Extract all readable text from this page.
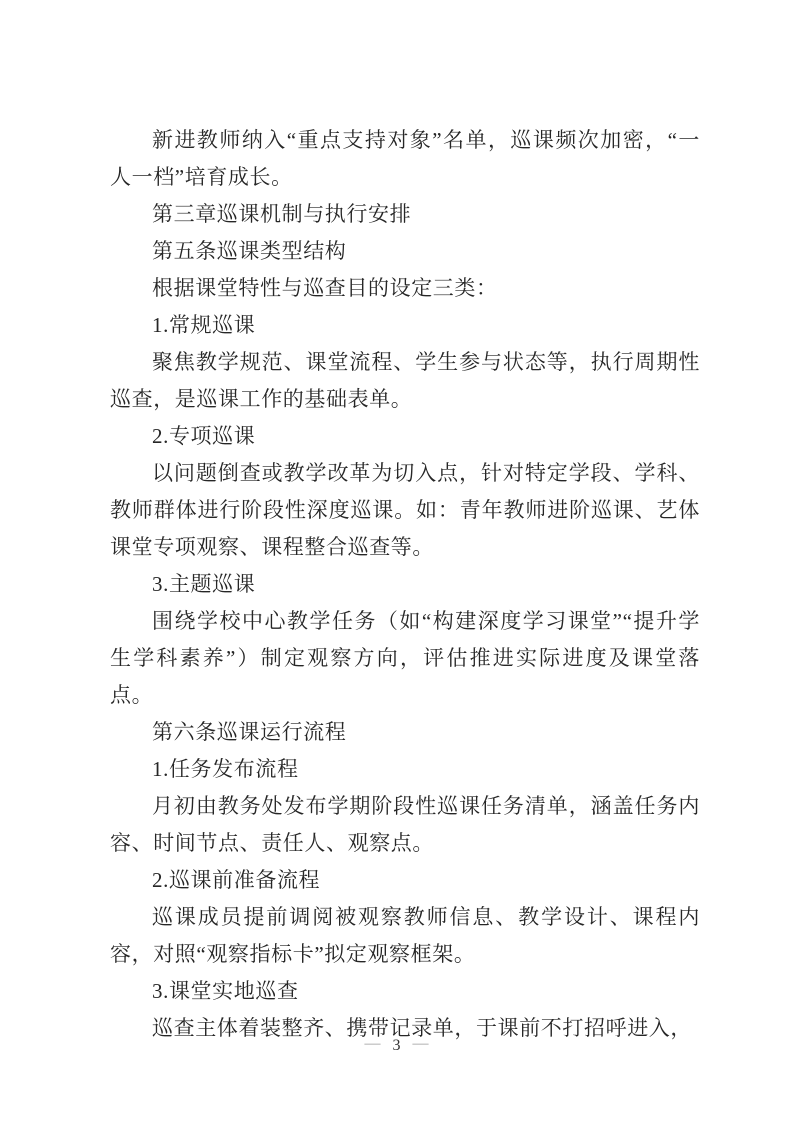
新进教师纳入“重点支持对象”名单，巡课频次加密，“一人一档”培育成长。

第三章巡课机制与执行安排

第五条巡课类型结构

根据课堂特性与巡查目的设定三类：

1.常规巡课

聚焦教学规范、课堂流程、学生参与状态等，执行周期性巡查，是巡课工作的基础表单。

2.专项巡课

以问题倒查或教学改革为切入点，针对特定学段、学科、教师群体进行阶段性深度巡课。如：青年教师进阶巡课、艺体课堂专项观察、课程整合巡查等。

3.主题巡课

围绕学校中心教学任务（如“构建深度学习课堂”“提升学生学科素养”）制定观察方向，评估推进实际进度及课堂落点。

第六条巡课运行流程

1.任务发布流程

月初由教务处发布学期阶段性巡课任务清单，涵盖任务内容、时间节点、责任人、观察点。

2.巡课前准备流程

巡课成员提前调阅被观察教师信息、教学设计、课程内容，对照“观察指标卡”拟定观察框架。

3.课堂实地巡查

巡查主体着装整齐、携带记录单，于课前不打招呼进入，

— 3 —
